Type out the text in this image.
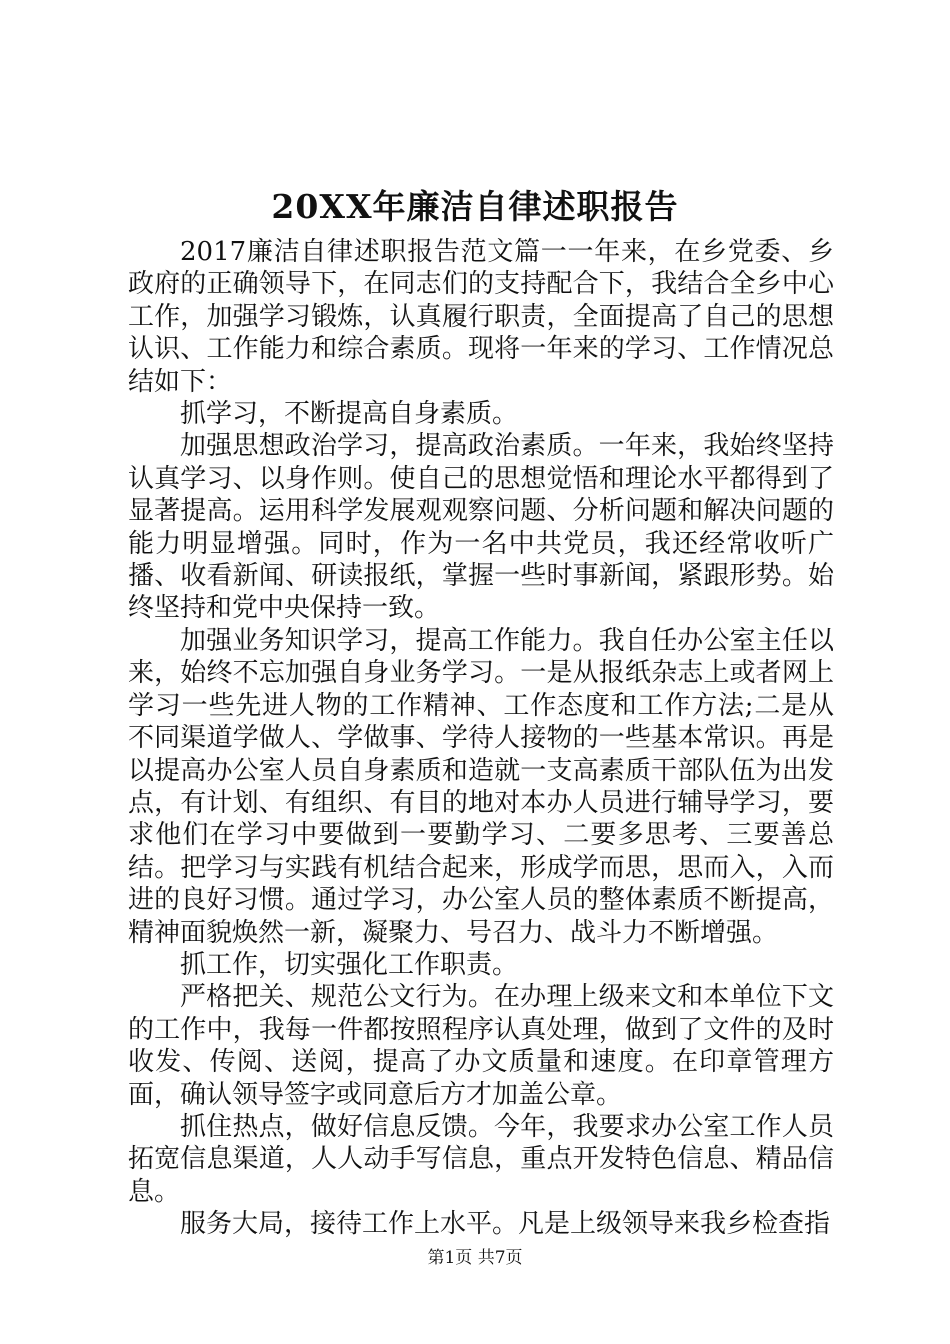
20XX年廉洁自律述职报告

2017廉洁自律述职报告范文篇一一年来，在乡党委、乡政府的正确领导下，在同志们的支持配合下，我结合全乡中心工作，加强学习锻炼，认真履行职责，全面提高了自己的思想认识、工作能力和综合素质。现将一年来的学习、工作情况总结如下：

抓学习，不断提高自身素质。

加强思想政治学习，提高政治素质。一年来，我始终坚持认真学习、以身作则。使自己的思想觉悟和理论水平都得到了显著提高。运用科学发展观观察问题、分析问题和解决问题的能力明显增强。同时，作为一名中共党员，我还经常收听广播、收看新闻、研读报纸，掌握一些时事新闻，紧跟形势。始终坚持和党中央保持一致。

加强业务知识学习，提高工作能力。我自任办公室主任以来，始终不忘加强自身业务学习。一是从报纸杂志上或者网上学习一些先进人物的工作精神、工作态度和工作方法;二是从不同渠道学做人、学做事、学待人接物的一些基本常识。再是以提高办公室人员自身素质和造就一支高素质干部队伍为出发点，有计划、有组织、有目的地对本办人员进行辅导学习，要求他们在学习中要做到一要勤学习、二要多思考、三要善总结。把学习与实践有机结合起来，形成学而思，思而入，入而进的良好习惯。通过学习，办公室人员的整体素质不断提高，精神面貌焕然一新，凝聚力、号召力、战斗力不断增强。

抓工作，切实强化工作职责。

严格把关、规范公文行为。在办理上级来文和本单位下文的工作中，我每一件都按照程序认真处理，做到了文件的及时收发、传阅、送阅，提高了办文质量和速度。在印章管理方面，确认领导签字或同意后方才加盖公章。

抓住热点，做好信息反馈。今年，我要求办公室工作人员拓宽信息渠道，人人动手写信息，重点开发特色信息、精品信息。

服务大局，接待工作上水平。凡是上级领导来我乡检查指

第1页 共7页
